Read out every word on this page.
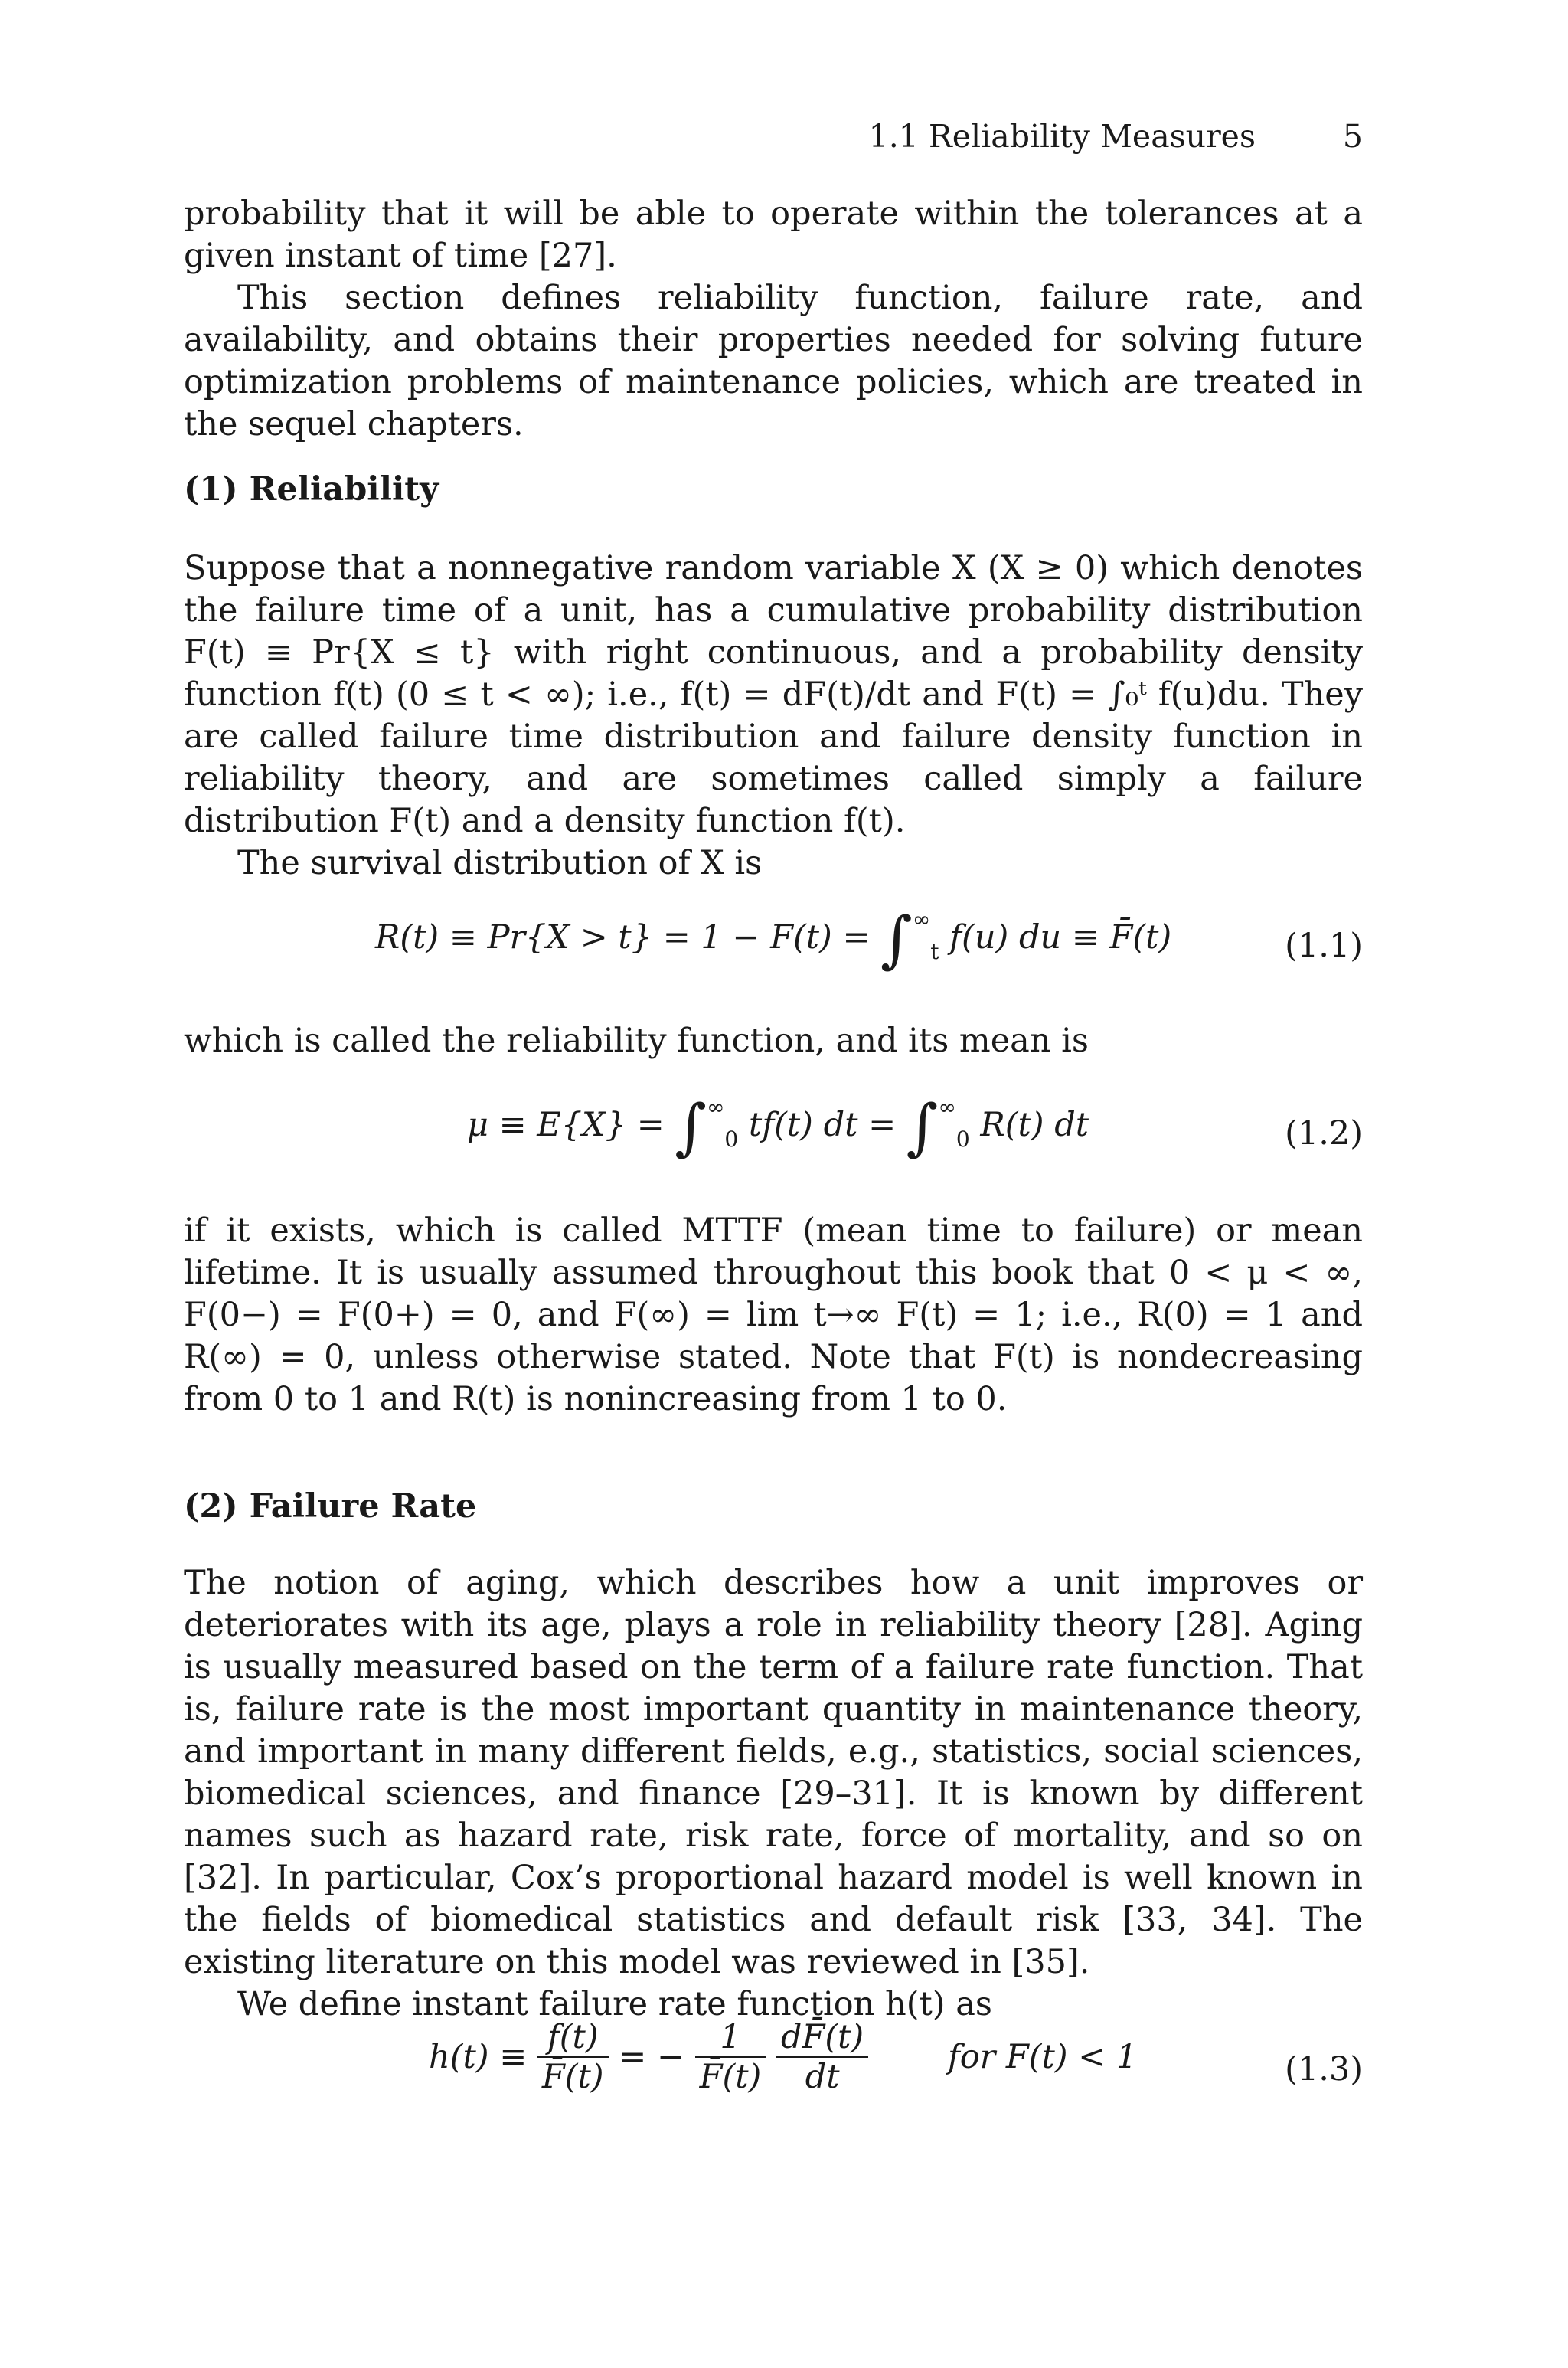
1.1 Reliability Measures	5

probability that it will be able to operate within the tolerances at a given instant of time [27].

This section defines reliability function, failure rate, and availability, and obtains their properties needed for solving future optimization problems of maintenance policies, which are treated in the sequel chapters.

(1) Reliability

Suppose that a nonnegative random variable X (X ≥ 0) which denotes the failure time of a unit, has a cumulative probability distribution F(t) ≡ Pr{X ≤ t} with right continuous, and a probability density function f(t) (0 ≤ t < ∞); i.e., f(t) = dF(t)/dt and F(t) = ∫₀ᵗ f(u)du. They are called failure time distribution and failure density function in reliability theory, and are sometimes called simply a failure distribution F(t) and a density function f(t).

The survival distribution of X is

$R(t) \equiv Pr\{X > t\} = 1 - F(t) = \int^\infty_t$ f(u) du ≡ F̄(t)	(1.1)

which is called the reliability function, and its mean is

$\mu \equiv E\{X\} = \int^\infty_0$ tf(t) dt = $\int^\infty_0$ R(t) dt	(1.2)

if it exists, which is called MTTF (mean time to failure) or mean lifetime. It is usually assumed throughout this book that 0 < μ < ∞, F(0−) = F(0+) = 0, and F(∞) = lim t→∞ F(t) = 1; i.e., R(0) = 1 and R(∞) = 0, unless otherwise stated. Note that F(t) is nondecreasing from 0 to 1 and R(t) is nonincreasing from 1 to 0.

(2) Failure Rate

The notion of aging, which describes how a unit improves or deteriorates with its age, plays a role in reliability theory [28]. Aging is usually measured based on the term of a failure rate function. That is, failure rate is the most important quantity in maintenance theory, and important in many different fields, e.g., statistics, social sciences, biomedical sciences, and finance [29–31]. It is known by different names such as hazard rate, risk rate, force of mortality, and so on [32]. In particular, Cox’s proportional hazard model is well known in the fields of biomedical statistics and default risk [33, 34]. The existing literature on this model was reviewed in [35].

We define instant failure rate function h(t) as

$h(t) \equiv \frac{f(t)}{F̄(t)}$ = − $\frac{1}{F̄(t)}$
$\frac{dF̄(t)}{dt}$ for F(t) < 1	(1.3)
